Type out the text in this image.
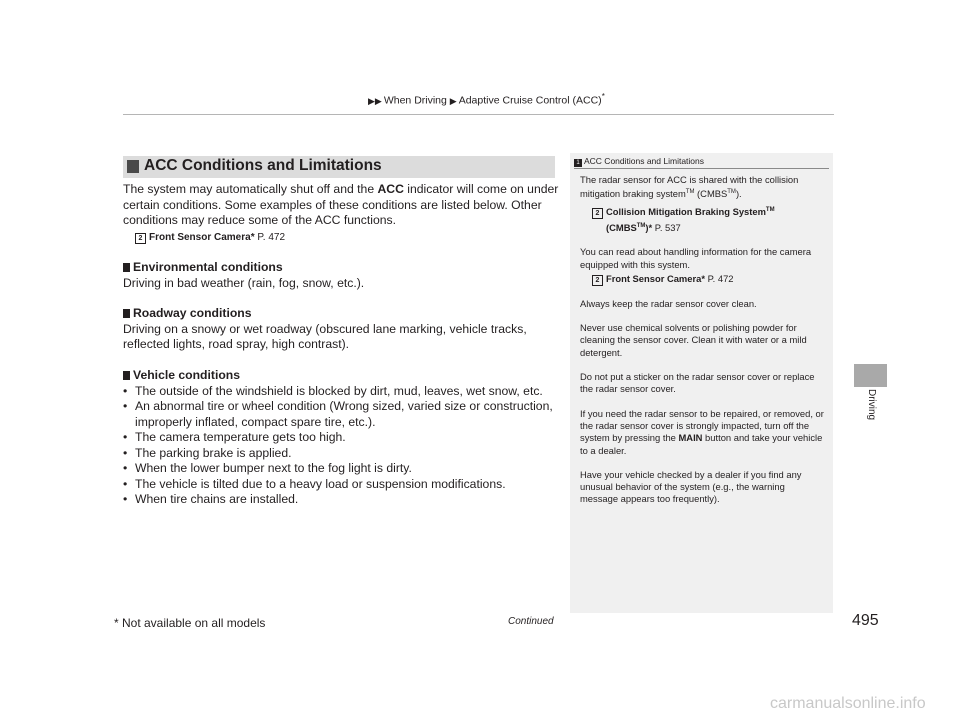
▶▶ When Driving ▶ Adaptive Cruise Control (ACC)*
ACC Conditions and Limitations
The system may automatically shut off and the ACC indicator will come on under certain conditions. Some examples of these conditions are listed below. Other conditions may reduce some of the ACC functions.
2 Front Sensor Camera* P. 472
Environmental conditions
Driving in bad weather (rain, fog, snow, etc.).
Roadway conditions
Driving on a snowy or wet roadway (obscured lane marking, vehicle tracks, reflected lights, road spray, high contrast).
Vehicle conditions
• The outside of the windshield is blocked by dirt, mud, leaves, wet snow, etc.
• An abnormal tire or wheel condition (Wrong sized, varied size or construction, improperly inflated, compact spare tire, etc.).
• The camera temperature gets too high.
• The parking brake is applied.
• When the lower bumper next to the fog light is dirty.
• The vehicle is tilted due to a heavy load or suspension modifications.
• When tire chains are installed.
1 ACC Conditions and Limitations

The radar sensor for ACC is shared with the collision mitigation braking system™ (CMBS™).

2 Collision Mitigation Braking System™
(CMBS™)* P. 537

You can read about handling information for the camera equipped with this system.

2 Front Sensor Camera* P. 472

Always keep the radar sensor cover clean.

Never use chemical solvents or polishing powder for cleaning the sensor cover. Clean it with water or a mild detergent.

Do not put a sticker on the radar sensor cover or replace the radar sensor cover.

If you need the radar sensor to be repaired, or removed, or the radar sensor cover is strongly impacted, turn off the system by pressing the MAIN button and take your vehicle to a dealer.

Have your vehicle checked by a dealer if you find any unusual behavior of the system (e.g., the warning message appears too frequently).

Driving
* Not available on all models	Continued	495
carmanualsonline.info
